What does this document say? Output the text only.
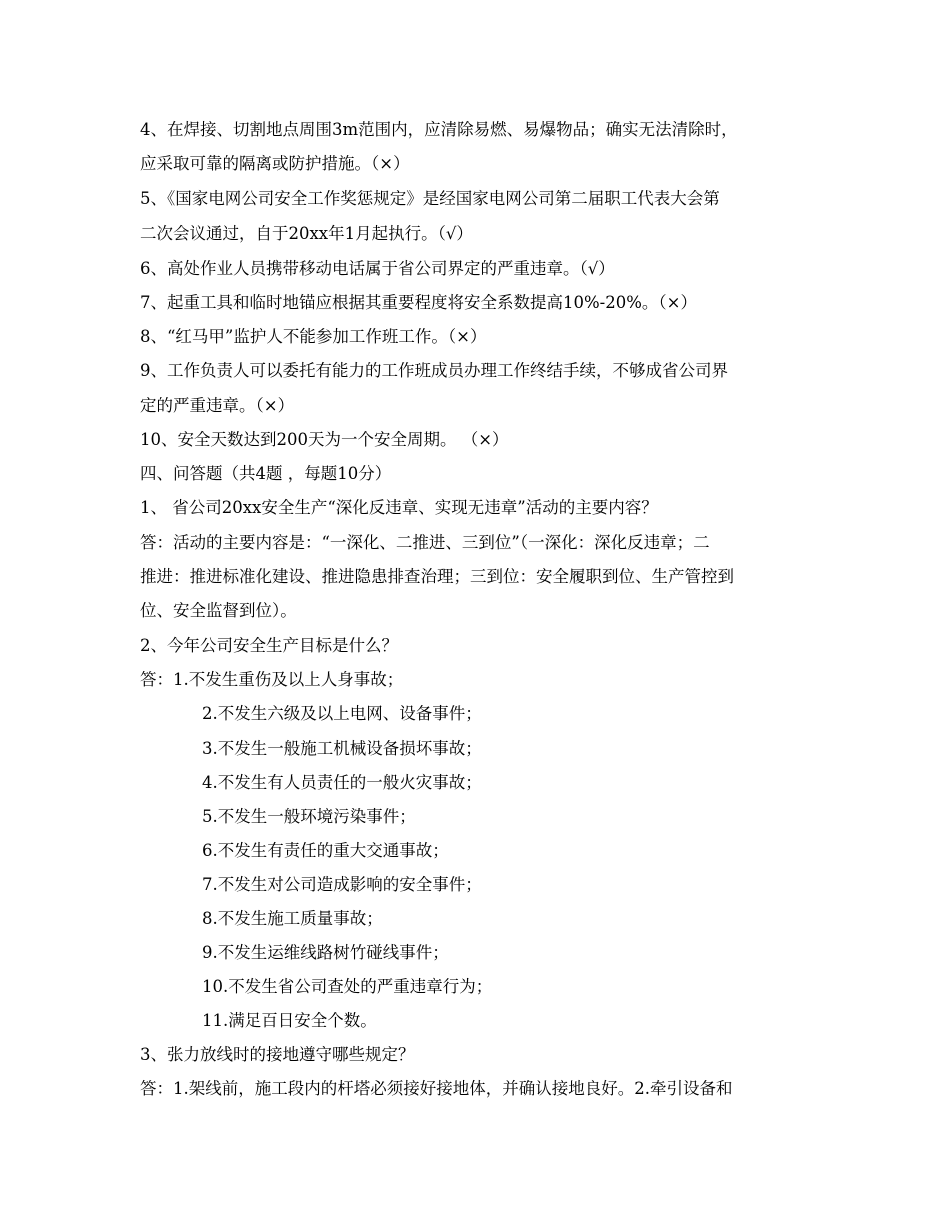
4、在焊接、切割地点周围3m范围内，应清除易燃、易爆物品；确实无法清除时，
应采取可靠的隔离或防护措施。（×）
5、《国家电网公司安全工作奖惩规定》是经国家电网公司第二届职工代表大会第
二次会议通过，自于20xx年1月起执行。（√）
6、高处作业人员携带移动电话属于省公司界定的严重违章。（√）
7、起重工具和临时地锚应根据其重要程度将安全系数提高10%-20%。（×）
8、“红马甲”监护人不能参加工作班工作。（×）
9、工作负责人可以委托有能力的工作班成员办理工作终结手续，不够成省公司界
定的严重违章。（×）
10、安全天数达到200天为一个安全周期。 （×）
四、问答题（共4题 ，每题10分）
1、 省公司20xx安全生产“深化反违章、实现无违章”活动的主要内容？
答：活动的主要内容是：“一深化、二推进、三到位”（一深化：深化反违章；二
推进：推进标准化建设、推进隐患排查治理；三到位：安全履职到位、生产管控到
位、安全监督到位）。
2、今年公司安全生产目标是什么？
答：1.不发生重伤及以上人身事故；
2.不发生六级及以上电网、设备事件；
3.不发生一般施工机械设备损坏事故；
4.不发生有人员责任的一般火灾事故；
5.不发生一般环境污染事件；
6.不发生有责任的重大交通事故；
7.不发生对公司造成影响的安全事件；
8.不发生施工质量事故；
9.不发生运维线路树竹碰线事件；
10.不发生省公司查处的严重违章行为；
11.满足百日安全个数。
3、张力放线时的接地遵守哪些规定？
答：1.架线前，施工段内的杆塔必须接好接地体，并确认接地良好。2.牵引设备和
